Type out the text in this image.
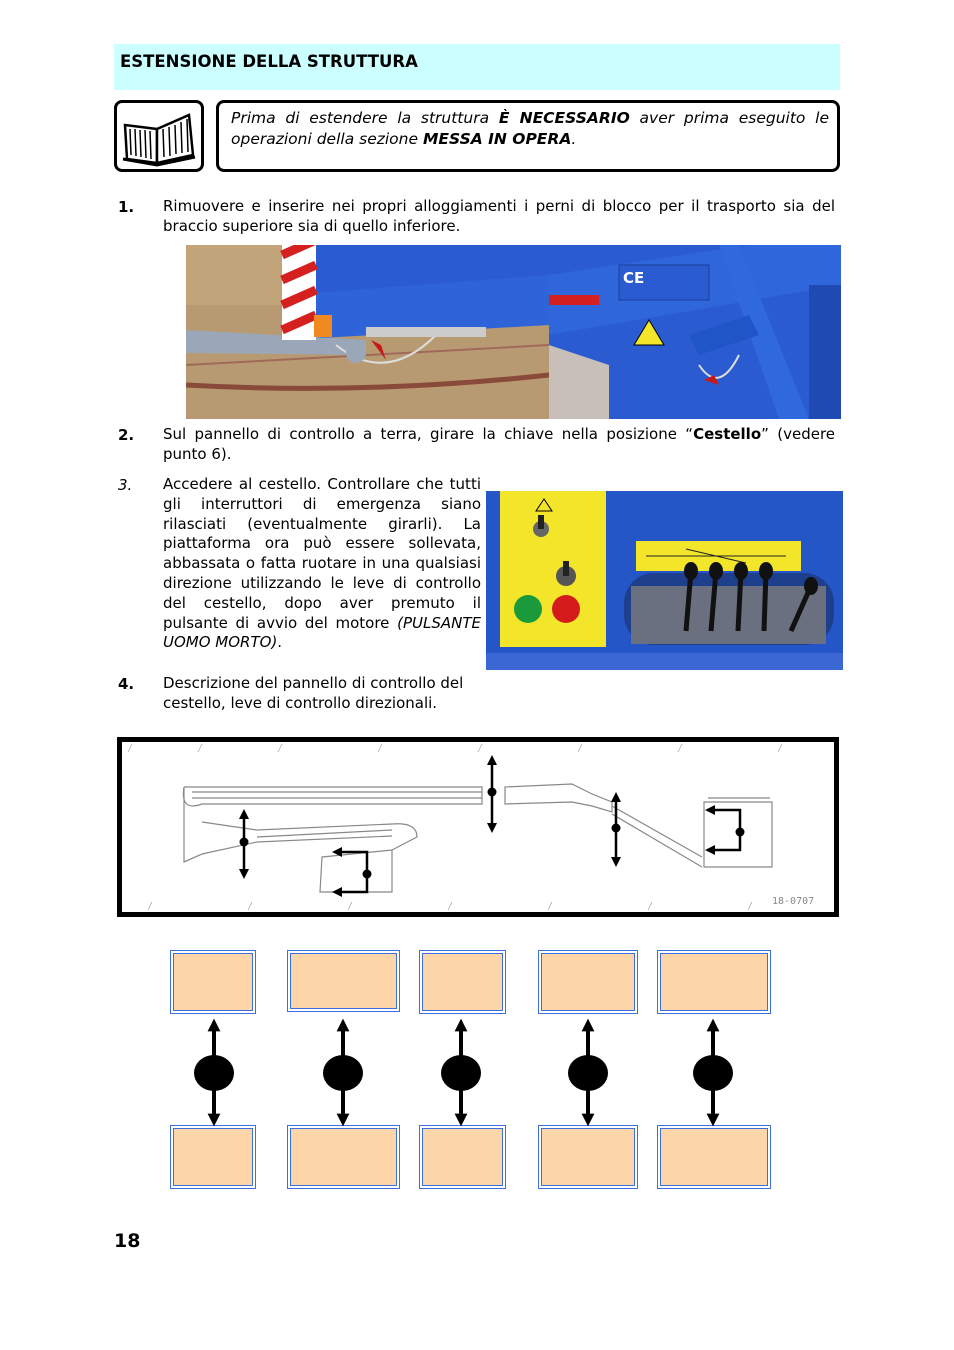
ESTENSIONE DELLA STRUTTURA
Prima di estendere la struttura È NECESSARIO aver prima eseguito le operazioni della sezione MESSA IN OPERA.
1. Rimuovere e inserire nei propri alloggiamenti i perni di blocco per il trasporto sia del braccio superiore sia di quello inferiore.
CE
2. Sul pannello di controllo a terra, girare la chiave nella posizione “Cestello” (vedere punto 6).
3. Accedere al cestello. Controllare che tutti gli interruttori di emergenza siano rilasciati (eventualmente girarli). La piattaforma ora può essere sollevata, abbassata o fatta ruotare in una qualsiasi direzione utilizzando le leve di controllo del cestello, dopo aver premuto il pulsante di avvio del motore (PULSANTE UOMO MORTO).
4. Descrizione del pannello di controllo del cestello, leve di controllo direzionali.
18-0707
18
